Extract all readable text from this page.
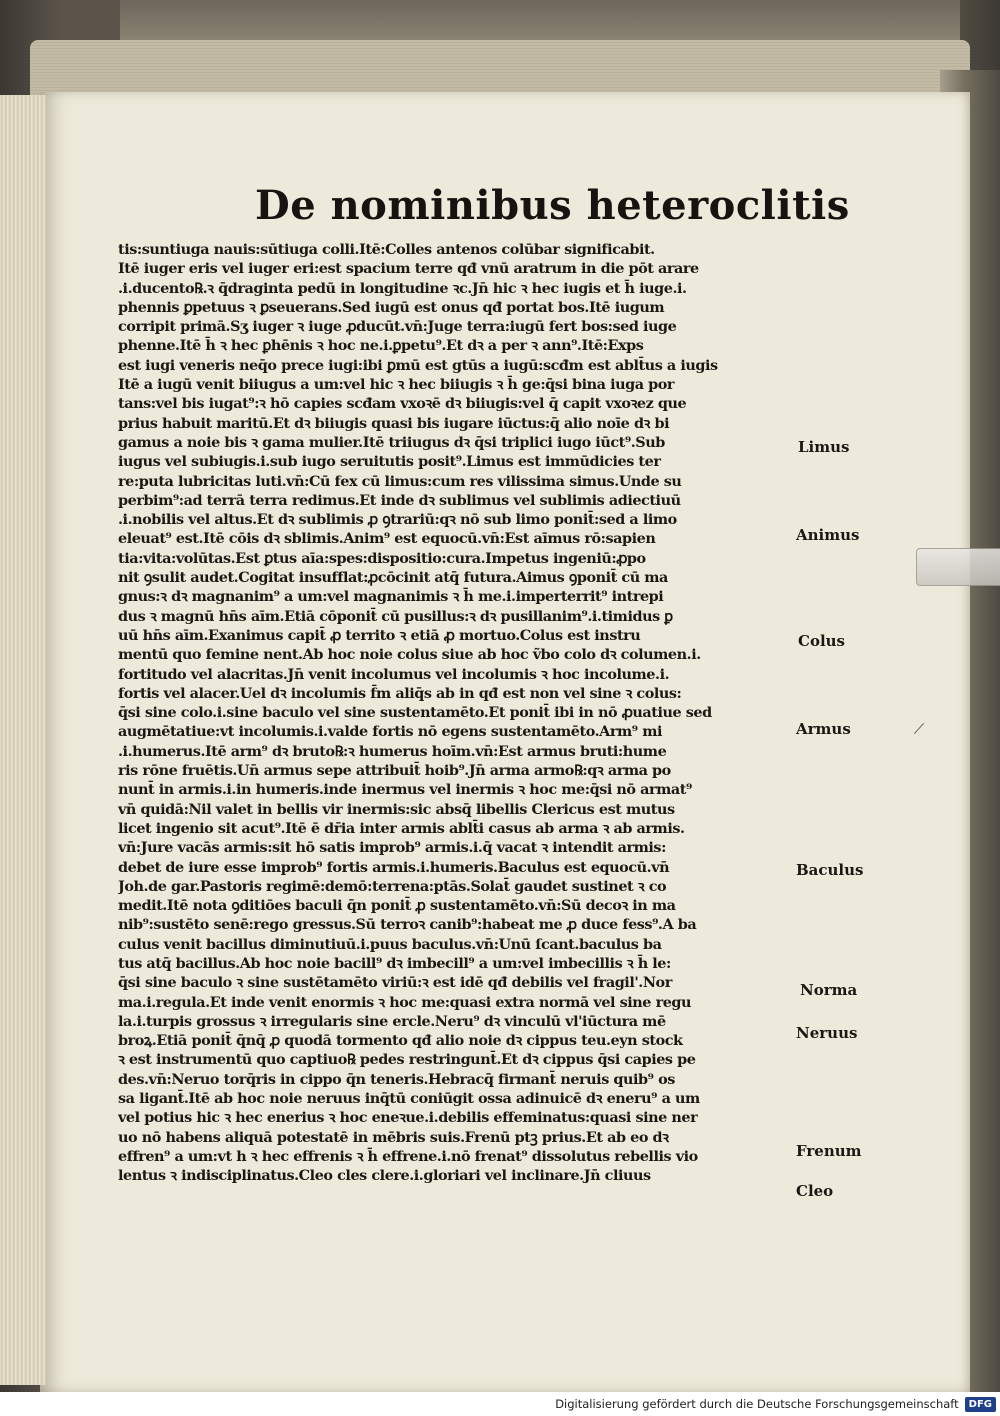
De nominibus heteroclitis
tis:suntiuga nauis:sūtiuga colli.Itē:Colles antenos colūbar significabit.
Itē iuger eris vel iuger eri:est spacium terre qđ vnū aratrum in die pōt arare
.i.ducento℞.ꝛ q̄draginta pedū in longitudine ꝛc.Jn̄ hic ꝛ hec iugis et h̄ iuge.i.
phennis ꝑpetuus ꝛ ꝑseuerans.Sed iugū est onus qđ portat bos.Itē iugum
corripit primā.Sʒ iuger ꝛ iuge ꝓducūt.vn̄:Juge terra:iugū fert bos:sed iuge
phenne.Itē h̄ ꝛ hec ꝑhēnis ꝛ hoc ne.i.ꝑpetu⁹.Et dꝛ a per ꝛ ann⁹.Itē:Exps
est iugi veneris neq̄o prece iugi:ibi ꝑmū est gtūs a iugū:scđm est ablt̄us a iugis
Itē a iugū venit biiugus a um:vel hic ꝛ hec biiugis ꝛ h̄ ge:q̄si bina iuga por
tans:vel bis iugat⁹:ꝛ hō capies scđam vxoꝛē dꝛ biiugis:vel q̄ capit vxoꝛez que
prius habuit maritū.Et dꝛ biiugis quasi bis iugare iūctus:q̄ alio noīe dꝛ bi
gamus a noie bis ꝛ gama mulier.Itē triiugus dꝛ q̄si triplici iugo iūct⁹.Sub
iugus vel subiugis.i.sub iugo seruitutis posit⁹.Limus est immūdicies ter
re:puta lubricitas luti.vn̄:Cū fex cū limus:cum res vilissima simus.Unde su
perbim⁹:ad terrā terra redimus.Et inde dꝛ sublimus vel sublimis adiectiuū
.i.nobilis vel altus.Et dꝛ sublimis ꝓ ꝯtrariū:qꝛ nō sub limo ponit̄:sed a limo
eleuat⁹ est.Itē cōis dꝛ sblimis.Anim⁹ est equocū.vn̄:Est aīmus rō:sapien
tia:vita:volūtas.Est ꝑtus aīa:spes:dispositio:cura.Impetus ingeniū:ꝓpo
nit ꝯsulit audet.Cogitat insufflat:ꝓcōcinit atq̄ futura.Aimus ꝯponit̄ cū ma
gnus:ꝛ dꝛ magnanim⁹ a um:vel magnanimis ꝛ h̄ me.i.imperterrit⁹ intrepi
dus ꝛ magnū hn̄s aīm.Etiā cōponit̄ cū pusillus:ꝛ dꝛ pusillanim⁹.i.timidus ꝑ
uū hn̄s aīm.Exanimus capit̄ ꝓ territo ꝛ etiā ꝓ mortuo.Colus est instru
mentū quo femine nent.Ab hoc noie colus siue ab hoc ṽbo colo dꝛ columen.i.
fortitudo vel alacritas.Jn̄ venit incolumus vel incolumis ꝛ hoc incolume.i.
fortis vel alacer.Uel dꝛ incolumis f̄m aliq̄s ab in qđ est non vel sine ꝛ colus:
q̄si sine colo.i.sine baculo vel sine sustentamēto.Et ponit̄ ibi in nō ꝓuatiue sed
augmētatiue:vt incolumis.i.valde fortis nō egens sustentamēto.Arm⁹ mi
.i.humerus.Itē arm⁹ dꝛ bruto℞:ꝛ humerus hoīm.vn̄:Est armus bruti:hume
ris rōne fruētis.Un̄ armus sepe attribuit̄ hoib⁹.Jn̄ arma armo℞:qꝛ arma po
nunt̄ in armis.i.in humeris.inde inermus vel inermis ꝛ hoc me:q̄si nō armat⁹
vn̄ quidā:Nil valet in bellis vir inermis:sic absq̄ libellis Clericus est mutus
licet ingenio sit acut⁹.Itē ē dr̄ia inter armis ablt̄i casus ab arma ꝛ ab armis.
vn̄:Jure vacās armis:sit hō satis improb⁹ armis.i.q̄ vacat ꝛ intendit armis:
debet de iure esse improb⁹ fortis armis.i.humeris.Baculus est equocū.vn̄
Joh.de gar.Pastoris regimē:demō:terrena:ptās.Solat̄ gaudet sustinet ꝛ co
medit.Itē nota ꝯditiōes baculi q̄n ponit̄ ꝓ sustentamēto.vn̄:Sū decoꝛ in ma
nib⁹:sustēto senē:rego gressus.Sū terroꝛ canib⁹:habeat me ꝓ duce fess⁹.A ba
culus venit bacillus diminutiuū.i.puus baculus.vn̄:Unū ſcant.baculus ba
tus atq̄ bacillus.Ab hoc noie bacill⁹ dꝛ imbecill⁹ a um:vel imbecillis ꝛ h̄ le:
q̄si sine baculo ꝛ sine sustētamēto viriū:ꝛ est idē qđ debilis vel fragil'.Nor
ma.i.regula.Et inde venit enormis ꝛ hoc me:quasi extra normā vel sine regu
la.i.turpis grossus ꝛ irregularis sine ercle.Neru⁹ dꝛ vinculū vl'iūctura mē
broꝝ.Etiā ponit̄ q̄nq̄ ꝓ quodā tormento qđ alio noie dꝛ cippus teu.eyn stock
ꝛ est instrumentū quo captiuo℞ pedes restringunt̄.Et dꝛ cippus q̄si capies pe
des.vn̄:Neruo torq̄ris in cippo q̄n teneris.Hebracq̄ firmant̄ neruis quib⁹ os
sa ligant̄.Itē ab hoc noie neruus inq̄tū coniūgit ossa adinuicē dꝛ eneru⁹ a um
vel potius hic ꝛ hec enerius ꝛ hoc eneꝛue.i.debilis effeminatus:quasi sine ner
uo nō habens aliquā potestatē in mēbris suis.Frenū ptꝫ prius.Et ab eo dꝛ
effren⁹ a um:vt h ꝛ hec effrenis ꝛ h̄ effrene.i.nō frenat⁹ dissolutus rebellis vio
lentus ꝛ indisciplinatus.Cleo cles clere.i.gloriari vel inclinare.Jn̄ cliuus
Limus
Animus
Colus
Armus
Baculus
Norma
Neruus
Frenum
Cleo
Digitalisierung gefördert durch die Deutsche Forschungsgemeinschaft	DFG
